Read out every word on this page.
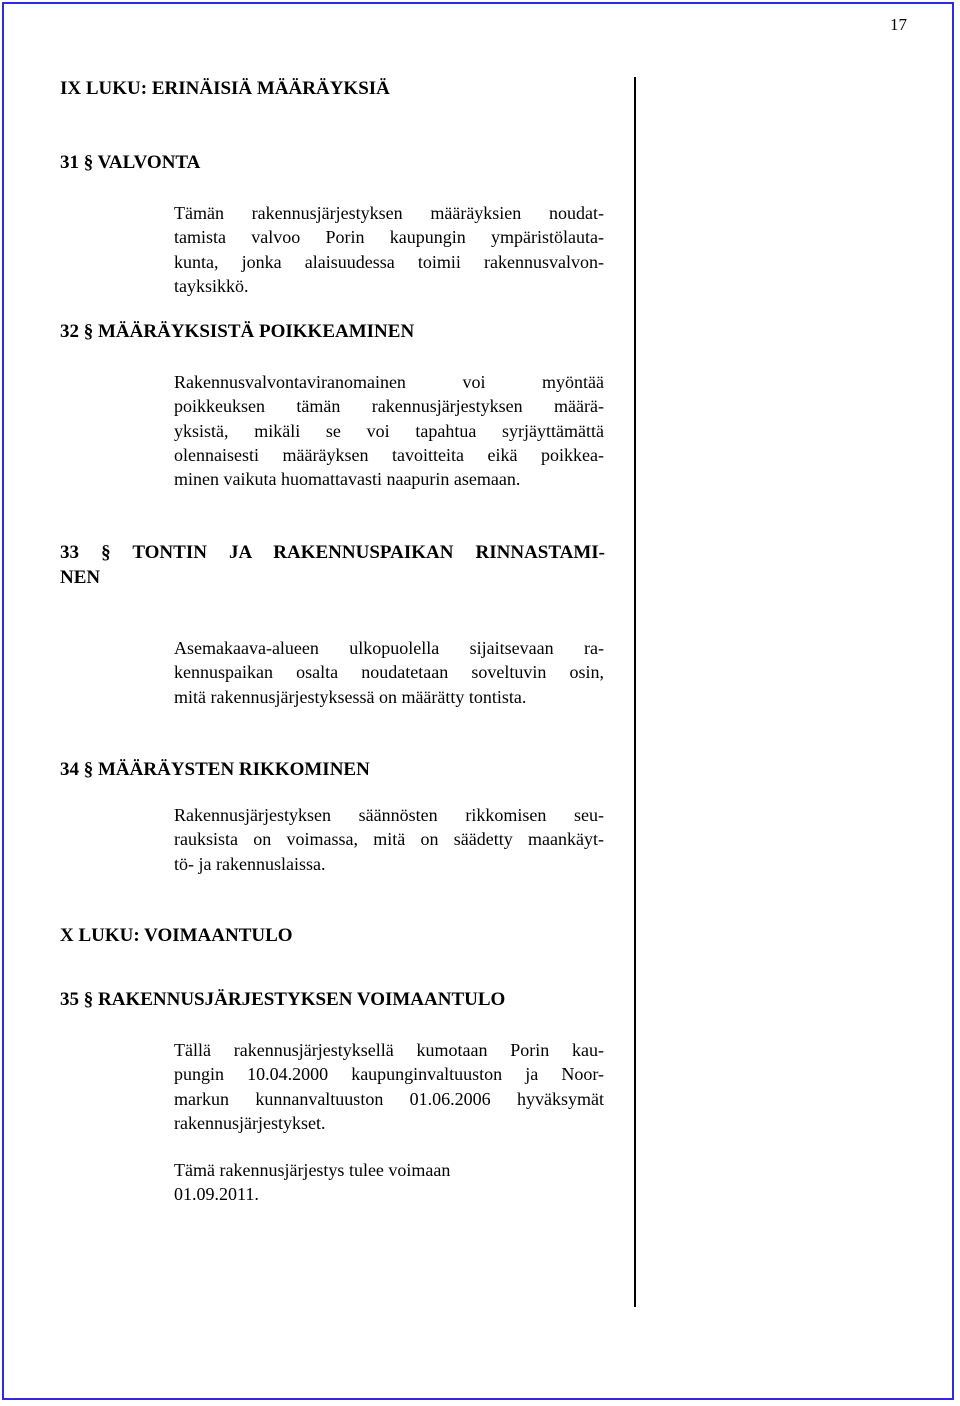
17
IX LUKU: ERINÄISIÄ MÄÄRÄYKSIÄ
31 § VALVONTA

Tämän rakennusjärjestyksen määräyksien noudat-
tamista valvoo Porin kaupungin ympäristölauta-
kunta, jonka alaisuudessa toimii rakennusvalvon-
tayksikkö.

32 § MÄÄRÄYKSISTÄ POIKKEAMINEN

Rakennusvalvontaviranomainen voi myöntää
poikkeuksen tämän rakennusjärjestyksen määrä-
yksistä, mikäli se voi tapahtua syrjäyttämättä
olennaisesti määräyksen tavoitteita eikä poikkea-
minen vaikuta huomattavasti naapurin asemaan.

33 § TONTIN JA RAKENNUSPAIKAN RINNASTAMI-
NEN

Asemakaava-alueen ulkopuolella sijaitsevaan ra-
kennuspaikan osalta noudatetaan soveltuvin osin,
mitä rakennusjärjestyksessä on määrätty tontista.

34 § MÄÄRÄYSTEN RIKKOMINEN

Rakennusjärjestyksen säännösten rikkomisen seu-
rauksista on voimassa, mitä on säädetty maankäyt-
tö- ja rakennuslaissa.

X LUKU: VOIMAANTULO
35 § RAKENNUSJÄRJESTYKSEN VOIMAANTULO

Tällä rakennusjärjestyksellä kumotaan Porin kau-
pungin 10.04.2000 kaupunginvaltuuston ja Noor-
markun kunnanvaltuuston 01.06.2006 hyväksymät
rakennusjärjestykset.

Tämä rakennusjärjestys tulee voimaan
01.09.2011.
